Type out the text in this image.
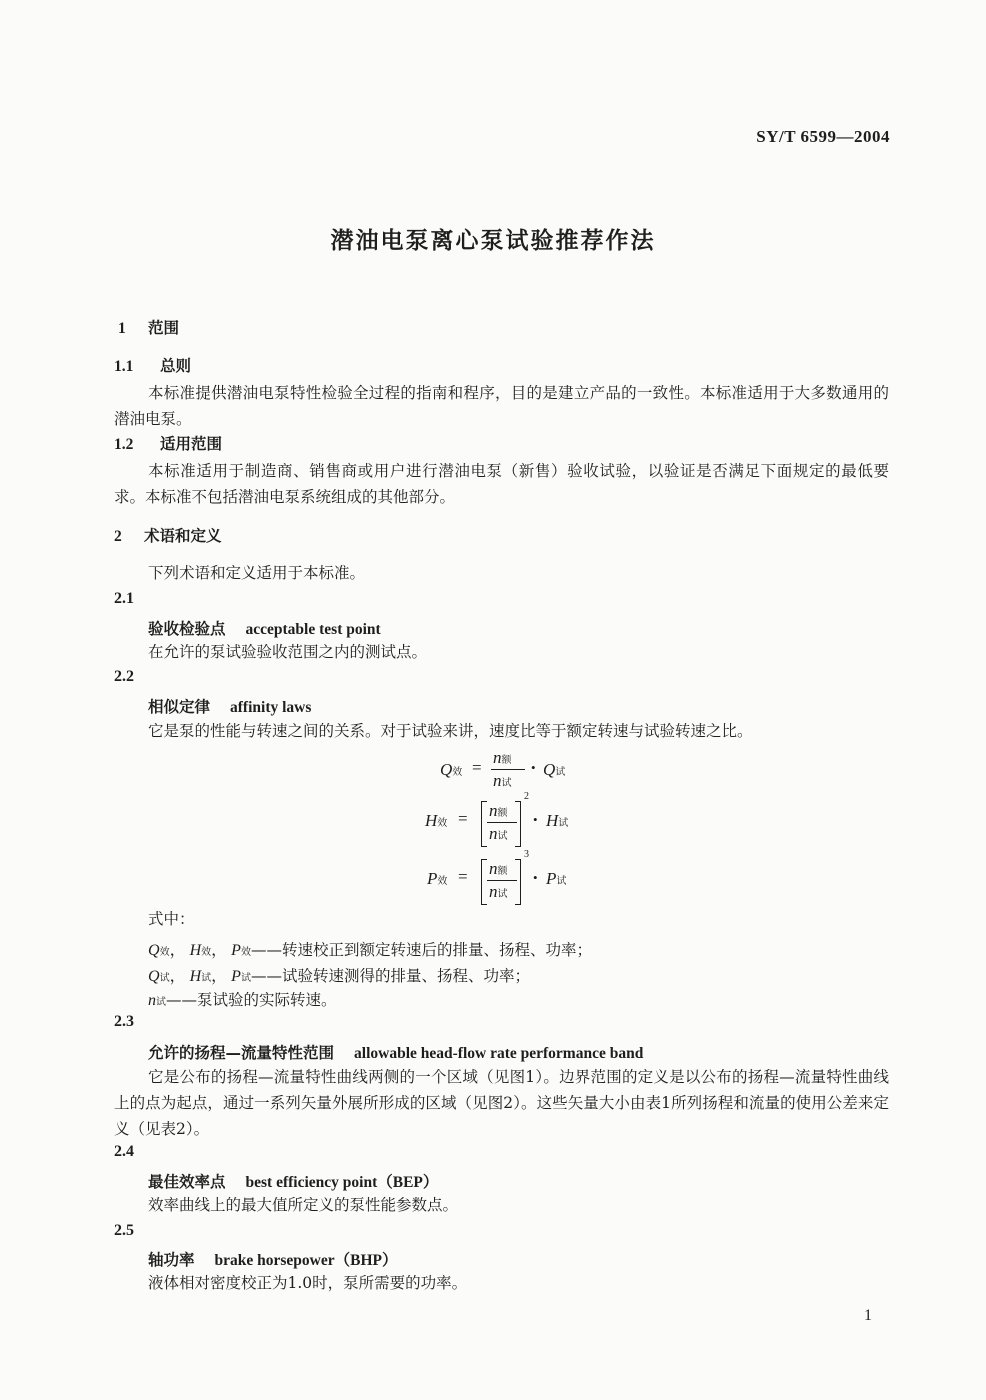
SY/T 6599—2004
潜油电泵离心泵试验推荐作法
1 范围
1.1 总则
本标准提供潜油电泵特性检验全过程的指南和程序，目的是建立产品的一致性。本标准适用于大多数通用的潜油电泵。
1.2 适用范围
本标准适用于制造商、销售商或用户进行潜油电泵（新售）验收试验，以验证是否满足下面规定的最低要求。本标准不包括潜油电泵系统组成的其他部分。
2 术语和定义
下列术语和定义适用于本标准。
2.1
验收检验点 acceptable test point
在允许的泵试验验收范围之内的测试点。
2.2
相似定律 affinity laws
它是泵的性能与转速之间的关系。对于试验来讲，速度比等于额定转速与试验转速之比。
Q效 =
n额
n试
• Q试
H效 = n额
n试
2
• H试
P效 = n额
n试
3
• P试
式中：
Q效， H效， P效——转速校正到额定转速后的排量、扬程、功率；
Q试， H试， P试——试验转速测得的排量、扬程、功率；
n试——泵试验的实际转速。
2.3
允许的扬程—流量特性范围 allowable head-flow rate performance band
它是公布的扬程—流量特性曲线两侧的一个区域（见图1）。边界范围的定义是以公布的扬程—流量特性曲线上的点为起点，通过一系列矢量外展所形成的区域（见图2）。这些矢量大小由表1所列扬程和流量的使用公差来定义（见表2）。
2.4
最佳效率点 best efficiency point（BEP）
效率曲线上的最大值所定义的泵性能参数点。
2.5
轴功率 brake horsepower（BHP）
液体相对密度校正为1.0时，泵所需要的功率。
1
